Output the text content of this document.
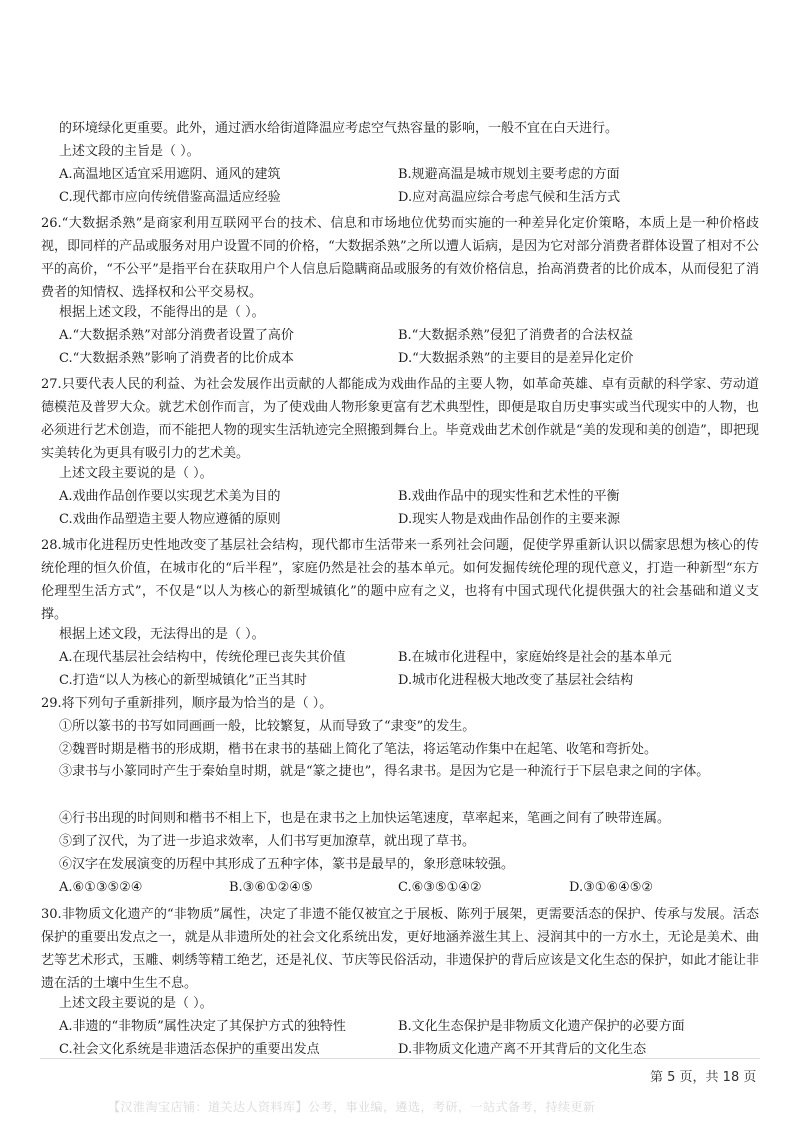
的环境绿化更重要。此外，通过洒水给街道降温应考虑空气热容量的影响，一般不宜在白天进行。
上述文段的主旨是（ ）。
A.高温地区适宜采用遮阴、通风的建筑	B.规避高温是城市规划主要考虑的方面
C.现代都市应向传统借鉴高温适应经验	D.应对高温应综合考虑气候和生活方式

26.“大数据杀熟”是商家利用互联网平台的技术、信息和市场地位优势而实施的一种差异化定价策略，本质上是一种价格歧视，即同样的产品或服务对用户设置不同的价格，“大数据杀熟”之所以遭人诟病，是因为它对部分消费者群体设置了相对不公平的高价，“不公平”是指平台在获取用户个人信息后隐瞒商品或服务的有效价格信息，抬高消费者的比价成本，从而侵犯了消费者的知情权、选择权和公平交易权。

根据上述文段，不能得出的是（ ）。
A.“大数据杀熟”对部分消费者设置了高价	B.“大数据杀熟”侵犯了消费者的合法权益
C.“大数据杀熟”影响了消费者的比价成本	D.“大数据杀熟”的主要目的是差异化定价

27.只要代表人民的利益、为社会发展作出贡献的人都能成为戏曲作品的主要人物，如革命英雄、卓有贡献的科学家、劳动道德模范及普罗大众。就艺术创作而言，为了使戏曲人物形象更富有艺术典型性，即便是取自历史事实或当代现实中的人物，也必须进行艺术创造，而不能把人物的现实生活轨迹完全照搬到舞台上。毕竟戏曲艺术创作就是“美的发现和美的创造”，即把现实美转化为更具有吸引力的艺术美。

上述文段主要说的是（ ）。
A.戏曲作品创作要以实现艺术美为目的	B.戏曲作品中的现实性和艺术性的平衡
C.戏曲作品塑造主要人物应遵循的原则	D.现实人物是戏曲作品创作的主要来源

28.城市化进程历史性地改变了基层社会结构，现代都市生活带来一系列社会问题，促使学界重新认识以儒家思想为核心的传统伦理的恒久价值，在城市化的“后半程”，家庭仍然是社会的基本单元。如何发掘传统伦理的现代意义，打造一种新型“东方伦理型生活方式”，不仅是“以人为核心的新型城镇化”的题中应有之义，也将有中国式现代化提供强大的社会基础和道义支撑。

根据上述文段，无法得出的是（ ）。
A.在现代基层社会结构中，传统伦理已丧失其价值	B.在城市化进程中，家庭始终是社会的基本单元
C.打造“以人为核心的新型城镇化”正当其时	D.城市化进程极大地改变了基层社会结构
29.将下列句子重新排列，顺序最为恰当的是（ ）。
①所以篆书的书写如同画画一般，比较繁复，从而导致了“隶变”的发生。
②魏晋时期是楷书的形成期，楷书在隶书的基础上简化了笔法，将运笔动作集中在起笔、收笔和弯折处。

③隶书与小篆同时产生于秦始皇时期，就是“篆之捷也”，得名隶书。是因为它是一种流行于下层皂隶之间的字体。

④行书出现的时间则和楷书不相上下，也是在隶书之上加快运笔速度，草率起来，笔画之间有了映带连属。
⑤到了汉代，为了进一步追求效率，人们书写更加潦草，就出现了草书。
⑥汉字在发展演变的历程中其形成了五种字体，篆书是最早的，象形意味较强。
A.⑥①③⑤②④	B.③⑥①②④⑤	C.⑥③⑤①④②	D.③①⑥④⑤②

30.非物质文化遗产的“非物质”属性，决定了非遗不能仅被宜之于展板、陈列于展架，更需要活态的保护、传承与发展。活态保护的重要出发点之一，就是从非遗所处的社会文化系统出发，更好地涵养滋生其上、浸润其中的一方水土，无论是美术、曲艺等艺术形式，玉雕、刺绣等精工绝艺，还是礼仪、节庆等民俗活动，非遗保护的背后应该是文化生态的保护，如此才能让非遗在活的土壤中生生不息。

上述文段主要说的是（ ）。
A.非遗的“非物质”属性决定了其保护方式的独特性	B.文化生态保护是非物质文化遗产保护的必要方面
C.社会文化系统是非遗活态保护的重要出发点	D.非物质文化遗产离不开其背后的文化生态
第 5 页，共 18 页
【汉淮淘宝店铺：道关达人资料库】公考，事业编，遴选，考研，一站式备考，持续更新
